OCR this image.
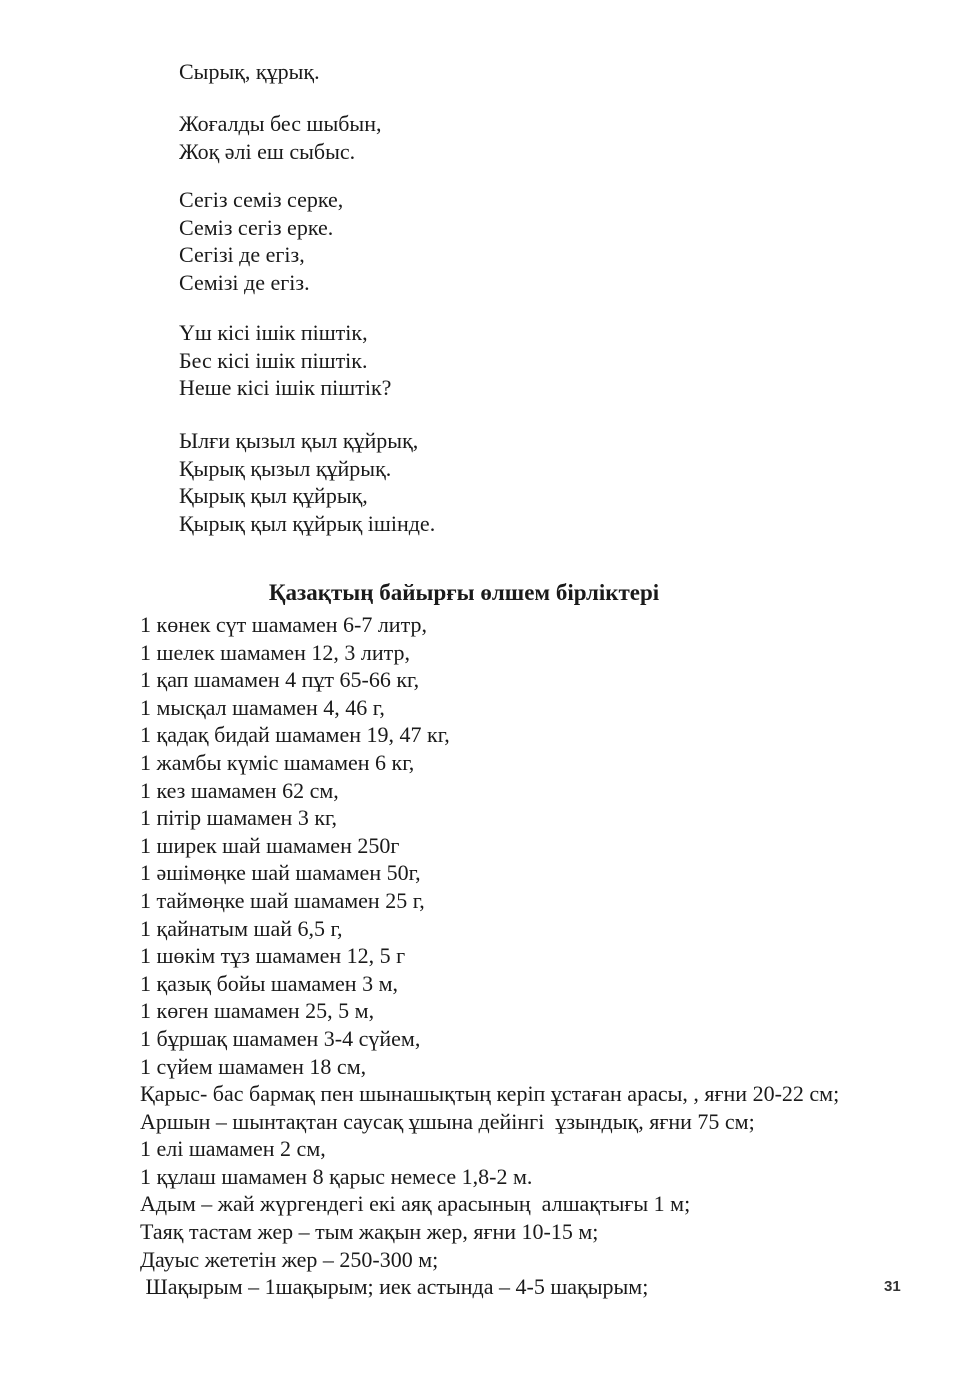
Сырық, құрық.
Жоғалды бес шыбын,
Жоқ әлі еш сыбыс.
Сегіз семіз серке,
Семіз сегіз ерке.
Сегізі де егіз,
Семізі де егіз.
Үш кісі ішік піштік,
Бес кісі ішік піштік.
Неше кісі ішік піштік?
Ылғи қызыл қыл құйрық,
Қырық қызыл құйрық.
Қырық қыл құйрық,
Қырық қыл құйрық ішінде.
Қазақтың байырғы өлшем бірліктері
1 көнек сүт шамамен 6-7 литр,
1 шелек шамамен 12, 3 литр,
1 қап шамамен 4 пұт 65-66 кг,
1 мысқал шамамен 4, 46 г,
1 қадақ бидай шамамен 19, 47 кг,
1 жамбы күміс шамамен 6 кг,
1 кез шамамен 62 см,
1 пітір шамамен 3 кг,
1 ширек шай шамамен 250г
1 әшімөңке шай шамамен 50г,
1 таймөңке шай шамамен 25 г,
1 қайнатым шай 6,5 г,
1 шөкім тұз шамамен 12, 5 г
1 қазық бойы шамамен 3 м,
1 көген шамамен 25, 5 м,
1 бұршақ шамамен 3-4 сүйем,
1 сүйем шамамен 18 см,
Қарыс- бас бармақ пен шынашықтың керіп ұстаған арасы, , яғни 20-22 см;
Аршын – шынтақтан саусақ ұшына дейінгі  ұзындық, яғни 75 см;
1 елі шамамен 2 см,
1 құлаш шамамен 8 қарыс немесе 1,8-2 м.
Адым – жай жүргендегі екі аяқ арасының  алшақтығы 1 м;
Таяқ тастам жер – тым жақын жер, яғни 10-15 м;
Дауыс жететін жер – 250-300 м;
Шақырым – 1шақырым; иек астында – 4-5 шақырым;	31
